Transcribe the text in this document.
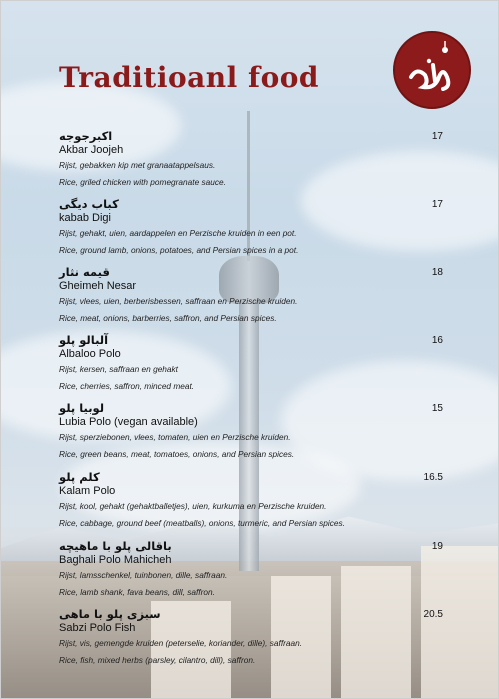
Traditioanl food
اکبرجوجه
Akbar Joojeh
Rijst, gebakken kip met granaatappelsaus.
Rice, griled chicken with pomegranate sauce.
17
کباب دیگی
kabab Digi
Rijst, gehakt, uien, aardappelen en Perzische kruiden in een pot.
Rice, ground lamb, onions, potatoes, and Persian spices in a pot.
17
قیمه نثار
Gheimeh Nesar
Rijst, vlees, uien, berberisbessen, saffraan en Perzische kruiden.
Rice, meat, onions, barberries, saffron, and Persian spices.
18
آلبالو پلو
Albaloo Polo
Rijst, kersen, saffraan en gehakt
Rice, cherries, saffron, minced meat.
16
لوبیا پلو
Lubia Polo (vegan available)
Rijst, sperziebonen, vlees, tomaten, uien en Perzische kruiden.
Rice, green beans, meat, tomatoes, onions, and Persian spices.
15
کلم پلو
Kalam Polo
Rijst, kool, gehakt (gehaktballetjes), uien, kurkuma en Perzische kruiden.
Rice, cabbage, ground beef (meatballs), onions, turmeric, and Persian spices.
16.5
باقالی پلو با ماهیچه
Baghali Polo Mahicheh
Rijst, lamsschenkel, tuinbonen, dille, saffraan.
Rice, lamb shank, fava beans, dill, saffron.
19
سبزی پلو با ماهی
Sabzi Polo Fish
Rijst, vis, gemengde kruiden (peterselie, koriander, dille), saffraan.
Rice, fish, mixed herbs (parsley, cilantro, dill), saffron.
20.5
